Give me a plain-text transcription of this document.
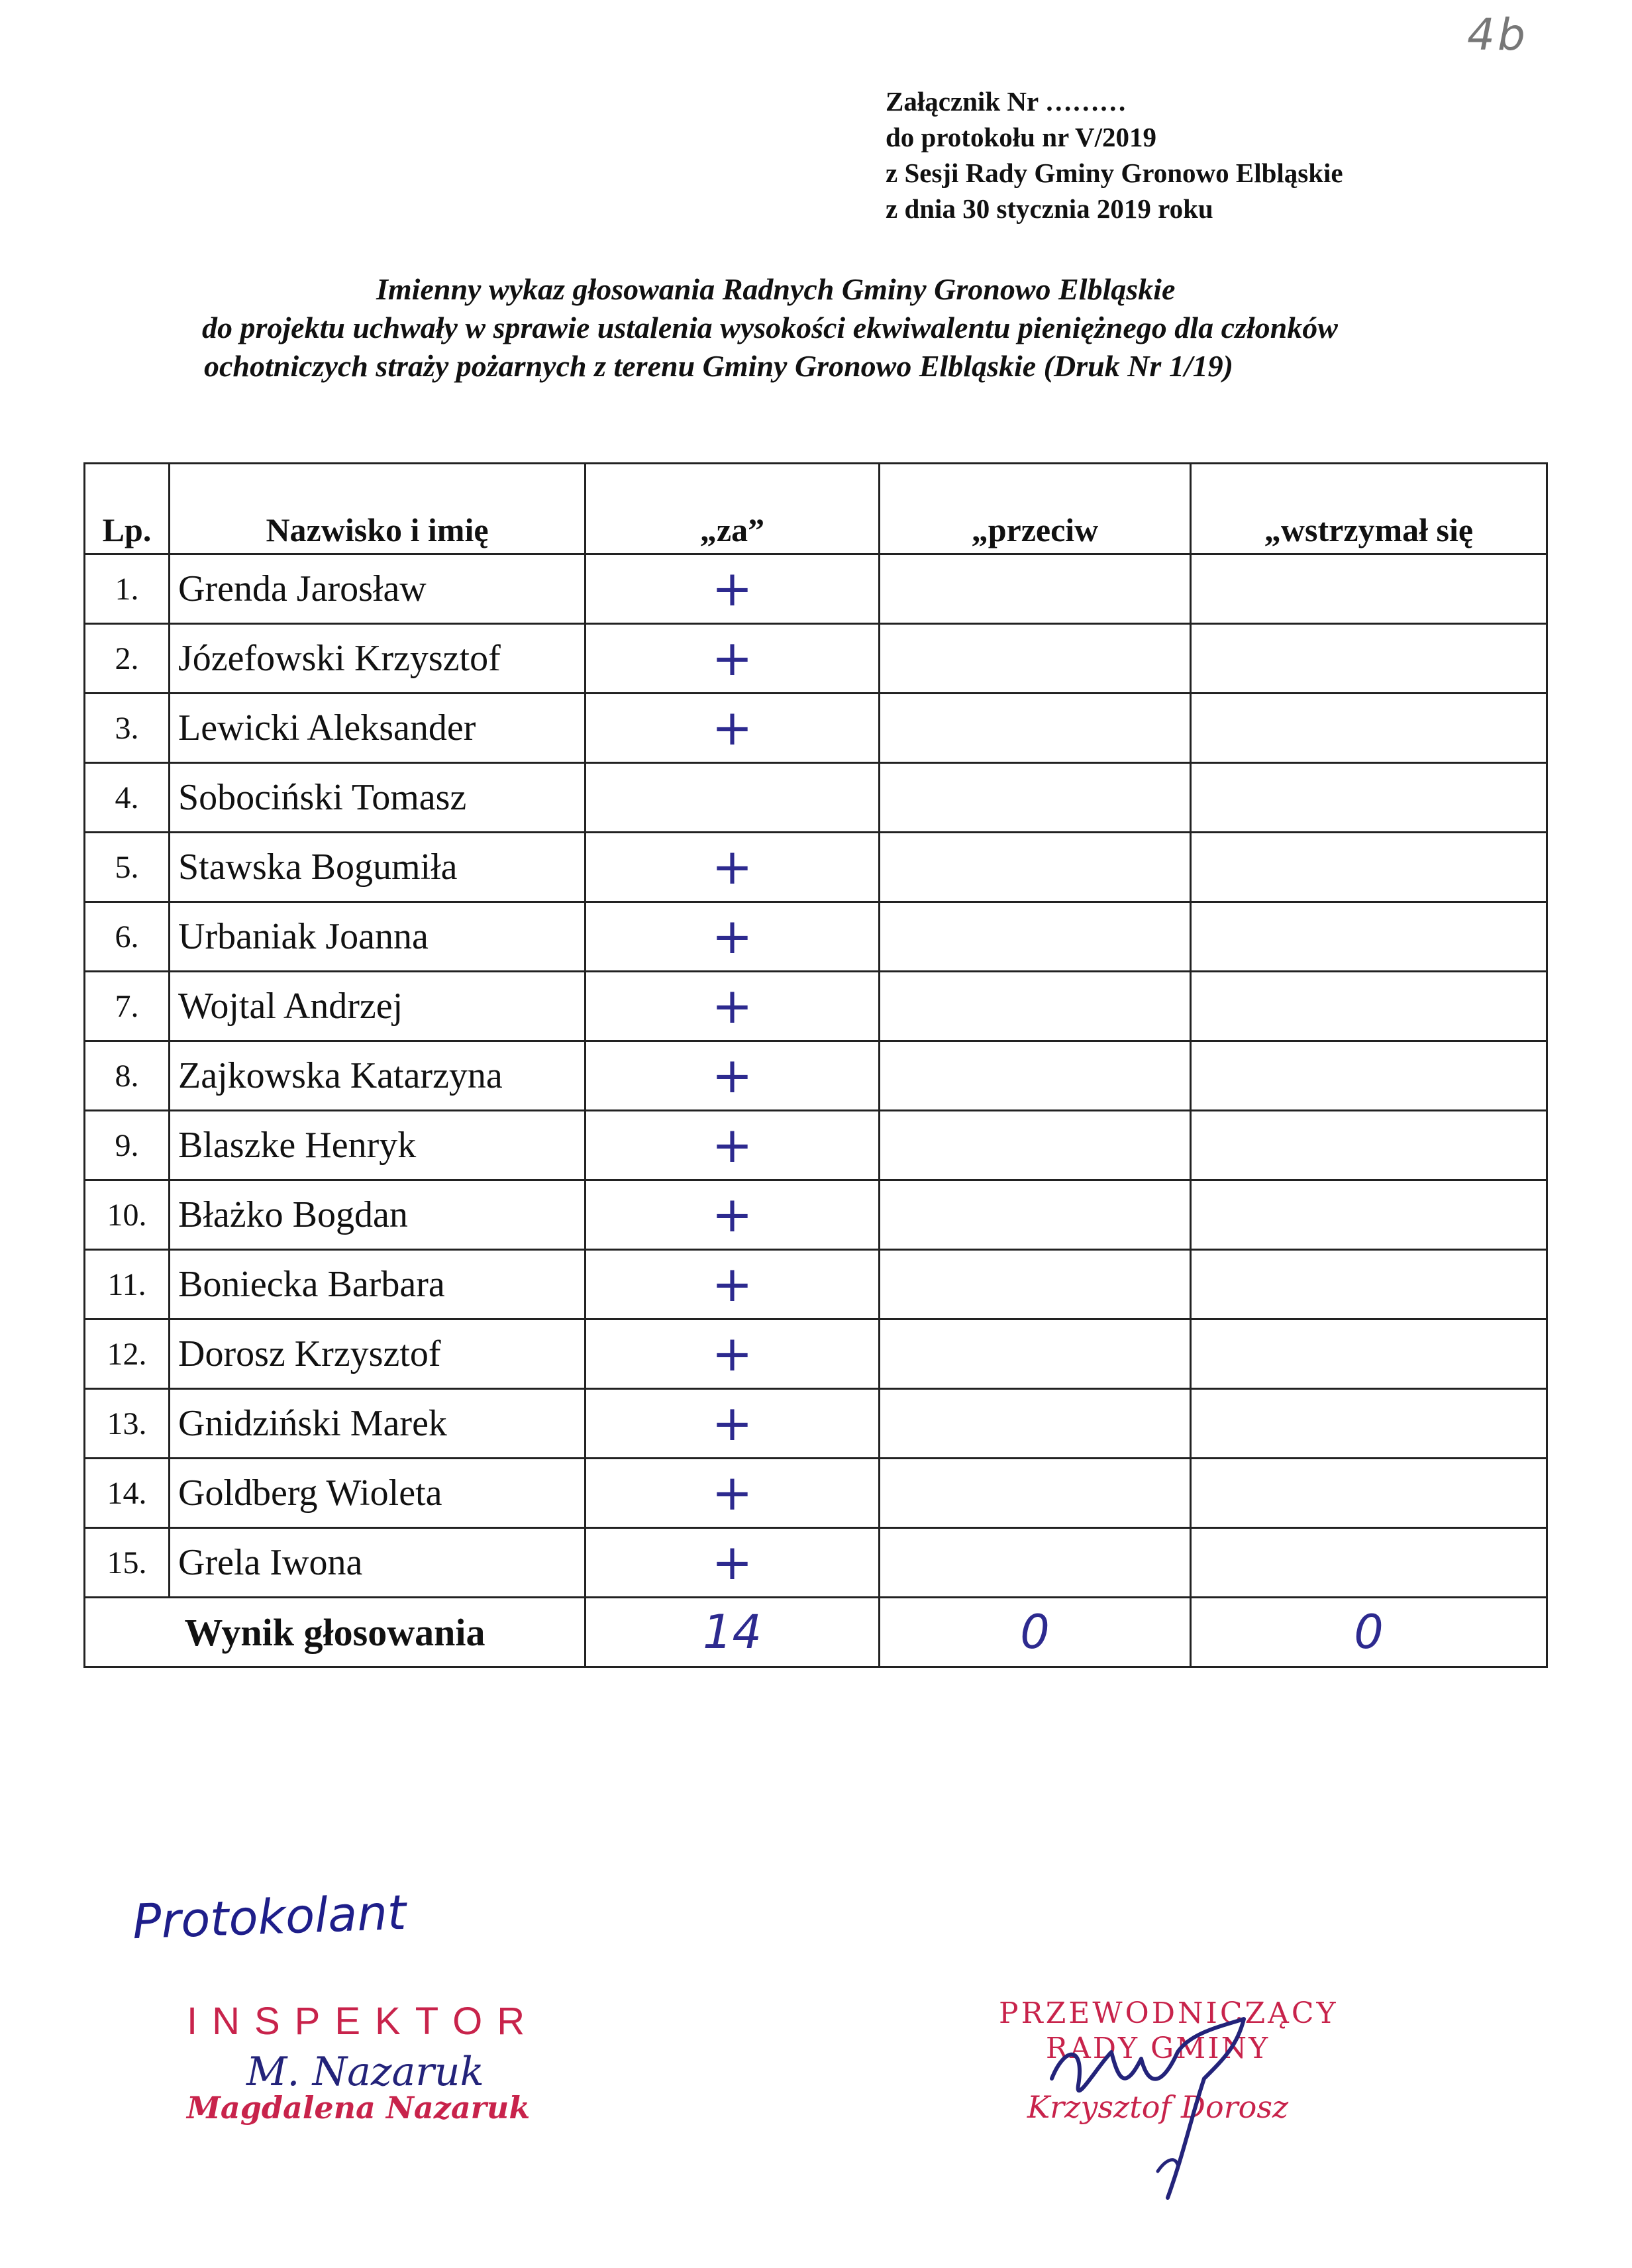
4b
Załącznik Nr ………
do protokołu nr V/2019
z Sesji Rady Gminy Gronowo Elbląskie
z dnia 30 stycznia 2019 roku
Imienny wykaz głosowania Radnych Gminy Gronowo Elbląskie
do projektu uchwały w sprawie ustalenia wysokości ekwiwalentu pieniężnego dla członków
ochotniczych straży pożarnych z terenu Gminy Gronowo Elbląskie (Druk Nr 1/19)
Lp.	Nazwisko i imię	„za”	„przeciw	„wstrzymał się
1.	Grenda Jarosław	+		
2.	Józefowski Krzysztof	+		
3.	Lewicki Aleksander	+		
4.	Sobociński Tomasz			
5.	Stawska Bogumiła	+		
6.	Urbaniak Joanna	+		
7.	Wojtal Andrzej	+		
8.	Zajkowska Katarzyna	+		
9.	Blaszke Henryk	+		
10.	Błażko Bogdan	+		
11.	Boniecka Barbara	+		
12.	Dorosz Krzysztof	+		
13.	Gnidziński Marek	+		
14.	Goldberg Wioleta	+		
15.	Grela Iwona	+		
Wynik głosowania		14	0	0
Protokolant
INSPEKTOR
M. Nazaruk
Magdalena Nazaruk
PRZEWODNICZĄCY
RADY GMINY
Krzysztof Dorosz
